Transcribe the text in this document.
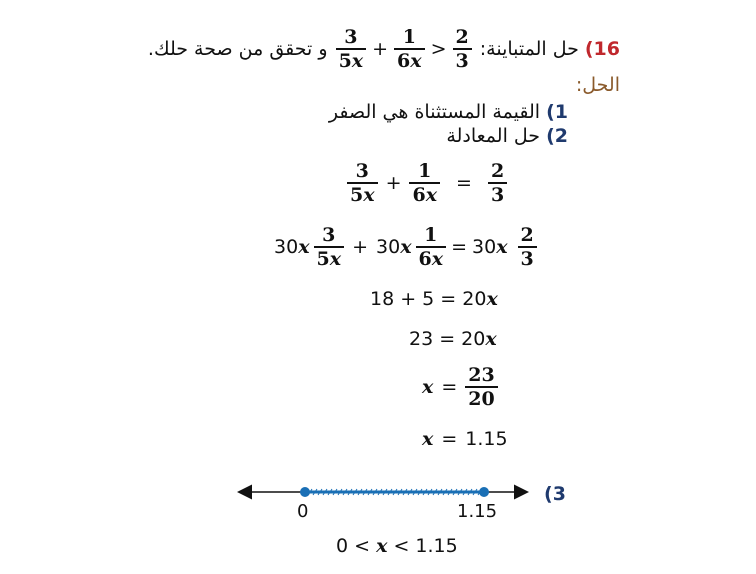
16)
حل المتباينة:
$\frac{2}{3}$
<
$\frac{1}{6x}$
+
$\frac{3}{5x}$
و تحقق من صحة حلك.
الحل:
1) القيمة المستثناة هي الصفر
2) حل المعادلة
$\frac{3}{5x} + \frac{1}{6x} = \frac{2}{3}$
$30x \frac{3}{5x} + 30x \frac{1}{6x} = 30x \frac{2}{3}$
18 + 5 = 20x
23 = 20x
$x = \frac{23}{20}$
x = 1.15
3)
0	1.15
0 < x < 1.15
